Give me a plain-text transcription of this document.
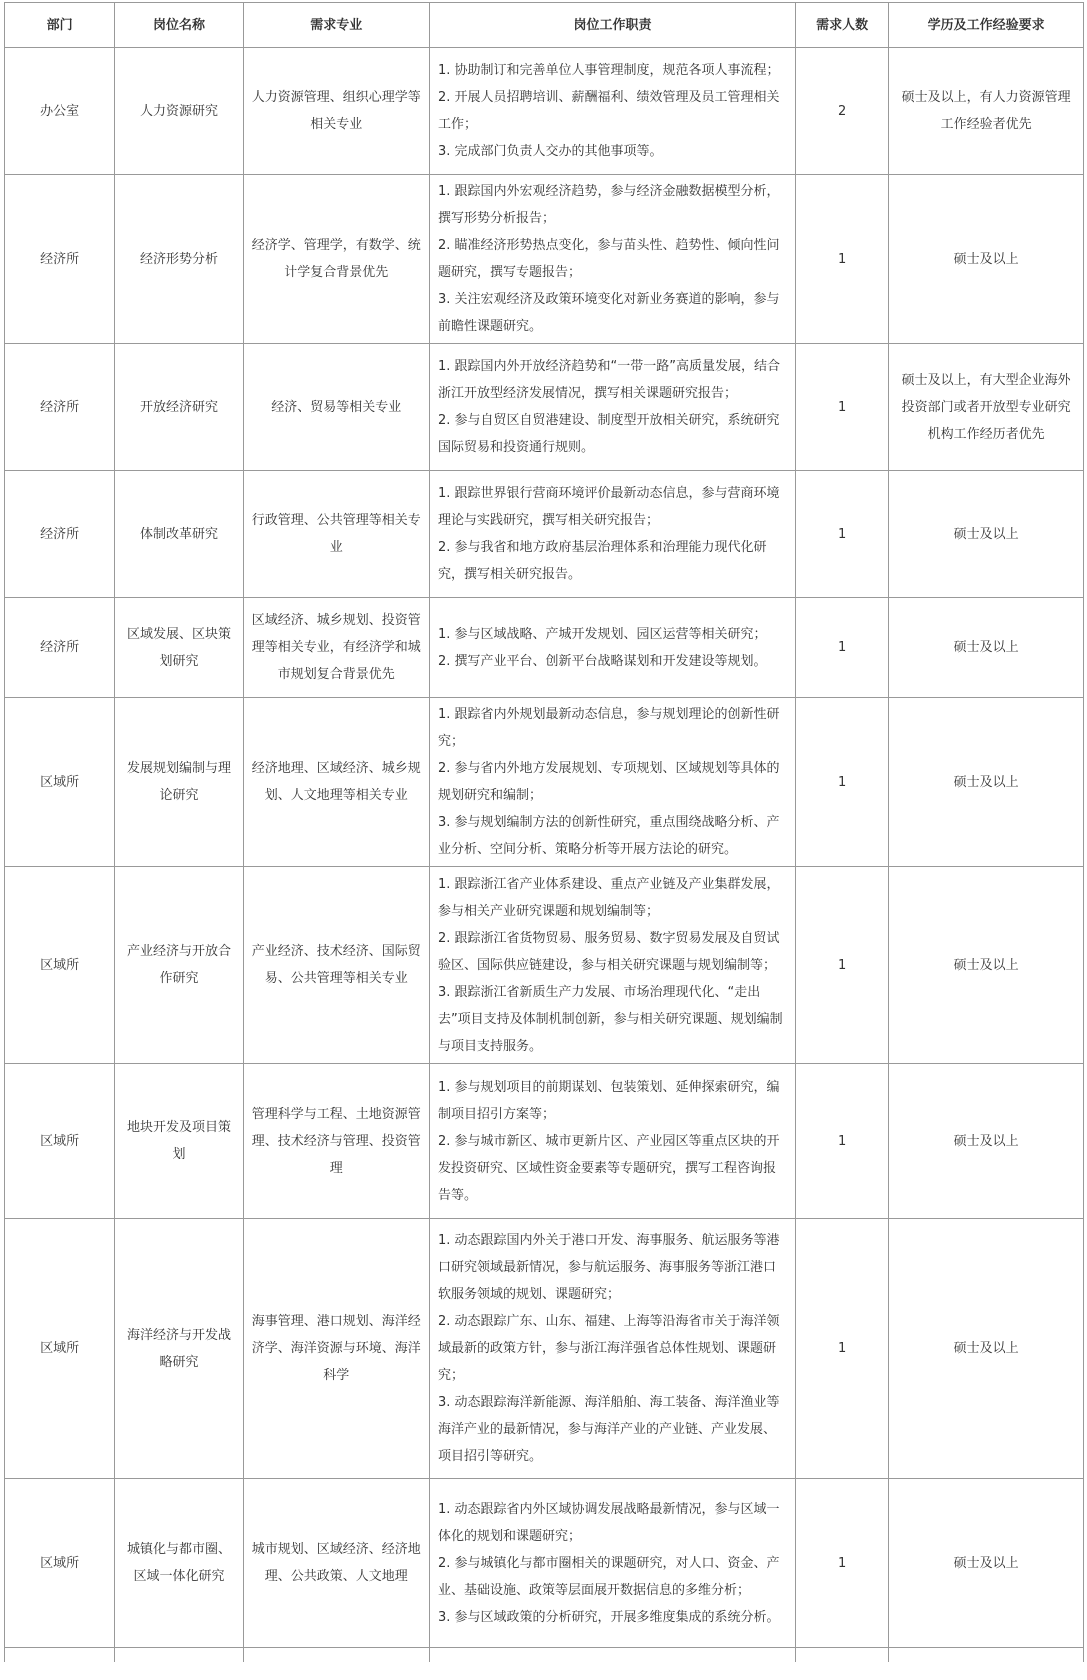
部门	岗位名称	需求专业	岗位工作职责	需求人数	学历及工作经验要求
办公室	人力资源研究	人力资源管理、组织心理学等相关专业	1. 协助制订和完善单位人事管理制度，规范各项人事流程；
2. 开展人员招聘培训、薪酬福利、绩效管理及员工管理相关工作；
3. 完成部门负责人交办的其他事项等。	2	硕士及以上，有人力资源管理工作经验者优先
经济所	经济形势分析	经济学、管理学，有数学、统计学复合背景优先	1. 跟踪国内外宏观经济趋势，参与经济金融数据模型分析，撰写形势分析报告；
2. 瞄准经济形势热点变化，参与苗头性、趋势性、倾向性问题研究，撰写专题报告；
3. 关注宏观经济及政策环境变化对新业务赛道的影响，参与前瞻性课题研究。	1	硕士及以上
经济所	开放经济研究	经济、贸易等相关专业	1. 跟踪国内外开放经济趋势和“一带一路”高质量发展，结合浙江开放型经济发展情况，撰写相关课题研究报告；
2. 参与自贸区自贸港建设、制度型开放相关研究，系统研究国际贸易和投资通行规则。	1	硕士及以上，有大型企业海外投资部门或者开放型专业研究机构工作经历者优先
经济所	体制改革研究	行政管理、公共管理等相关专业	1. 跟踪世界银行营商环境评价最新动态信息，参与营商环境理论与实践研究，撰写相关研究报告；
2. 参与我省和地方政府基层治理体系和治理能力现代化研究，撰写相关研究报告。	1	硕士及以上
经济所	区域发展、区块策划研究	区域经济、城乡规划、投资管理等相关专业，有经济学和城市规划复合背景优先	1. 参与区域战略、产城开发规划、园区运营等相关研究；
2. 撰写产业平台、创新平台战略谋划和开发建设等规划。	1	硕士及以上
区域所	发展规划编制与理论研究	经济地理、区域经济、城乡规划、人文地理等相关专业	1. 跟踪省内外规划最新动态信息，参与规划理论的创新性研究；
2. 参与省内外地方发展规划、专项规划、区域规划等具体的规划研究和编制；
3. 参与规划编制方法的创新性研究，重点围绕战略分析、产业分析、空间分析、策略分析等开展方法论的研究。	1	硕士及以上
区域所	产业经济与开放合作研究	产业经济、技术经济、国际贸易、公共管理等相关专业	1. 跟踪浙江省产业体系建设、重点产业链及产业集群发展，参与相关产业研究课题和规划编制等；
2. 跟踪浙江省货物贸易、服务贸易、数字贸易发展及自贸试验区、国际供应链建设，参与相关研究课题与规划编制等；
3. 跟踪浙江省新质生产力发展、市场治理现代化、“走出去”项目支持及体制机制创新，参与相关研究课题、规划编制与项目支持服务。	1	硕士及以上
区域所	地块开发及项目策划	管理科学与工程、土地资源管理、技术经济与管理、投资管理	1. 参与规划项目的前期谋划、包装策划、延伸探索研究，编制项目招引方案等；
2. 参与城市新区、城市更新片区、产业园区等重点区块的开发投资研究、区域性资金要素等专题研究，撰写工程咨询报告等。	1	硕士及以上
区域所	海洋经济与开发战略研究	海事管理、港口规划、海洋经济学、海洋资源与环境、海洋科学	1. 动态跟踪国内外关于港口开发、海事服务、航运服务等港口研究领域最新情况，参与航运服务、海事服务等浙江港口软服务领域的规划、课题研究；
2. 动态跟踪广东、山东、福建、上海等沿海省市关于海洋领域最新的政策方针，参与浙江海洋强省总体性规划、课题研究；
3. 动态跟踪海洋新能源、海洋船舶、海工装备、海洋渔业等海洋产业的最新情况，参与海洋产业的产业链、产业发展、项目招引等研究。	1	硕士及以上
区域所	城镇化与都市圈、区域一体化研究	城市规划、区域经济、经济地理、公共政策、人文地理	1. 动态跟踪省内外区域协调发展战略最新情况，参与区域一体化的规划和课题研究；
2. 参与城镇化与都市圈相关的课题研究，对人口、资金、产业、基础设施、政策等层面展开数据信息的多维分析；
3. 参与区域政策的分析研究，开展多维度集成的系统分析。	1	硕士及以上
